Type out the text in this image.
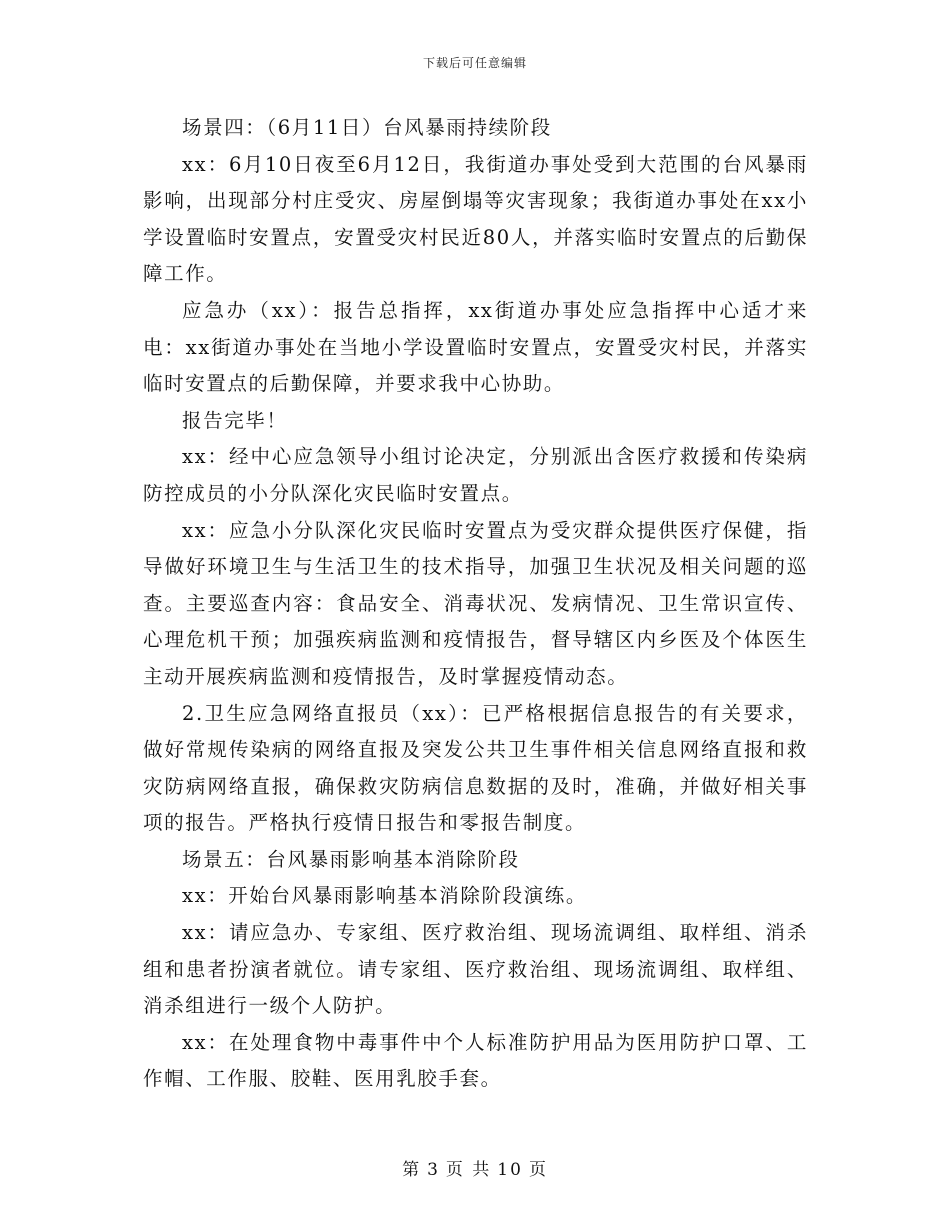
下载后可任意编辑

场景四：（6月11日）台风暴雨持续阶段

xx：6月10日夜至6月12日，我街道办事处受到大范围的台风暴雨影响，出现部分村庄受灾、房屋倒塌等灾害现象；我街道办事处在xx小学设置临时安置点，安置受灾村民近80人，并落实临时安置点的后勤保障工作。

应急办（xx）：报告总指挥，xx街道办事处应急指挥中心适才来电：xx街道办事处在当地小学设置临时安置点，安置受灾村民，并落实临时安置点的后勤保障，并要求我中心协助。

报告完毕！

xx：经中心应急领导小组讨论决定，分别派出含医疗救援和传染病防控成员的小分队深化灾民临时安置点。

xx：应急小分队深化灾民临时安置点为受灾群众提供医疗保健，指导做好环境卫生与生活卫生的技术指导，加强卫生状况及相关问题的巡查。主要巡查内容：食品安全、消毒状况、发病情况、卫生常识宣传、心理危机干预；加强疾病监测和疫情报告，督导辖区内乡医及个体医生主动开展疾病监测和疫情报告，及时掌握疫情动态。

2.卫生应急网络直报员（xx）：已严格根据信息报告的有关要求，做好常规传染病的网络直报及突发公共卫生事件相关信息网络直报和救灾防病网络直报，确保救灾防病信息数据的及时，准确，并做好相关事项的报告。严格执行疫情日报告和零报告制度。

场景五：台风暴雨影响基本消除阶段

xx：开始台风暴雨影响基本消除阶段演练。

xx：请应急办、专家组、医疗救治组、现场流调组、取样组、消杀组和患者扮演者就位。请专家组、医疗救治组、现场流调组、取样组、消杀组进行一级个人防护。

xx：在处理食物中毒事件中个人标准防护用品为医用防护口罩、工作帽、工作服、胶鞋、医用乳胶手套。

第 3 页 共 10 页
